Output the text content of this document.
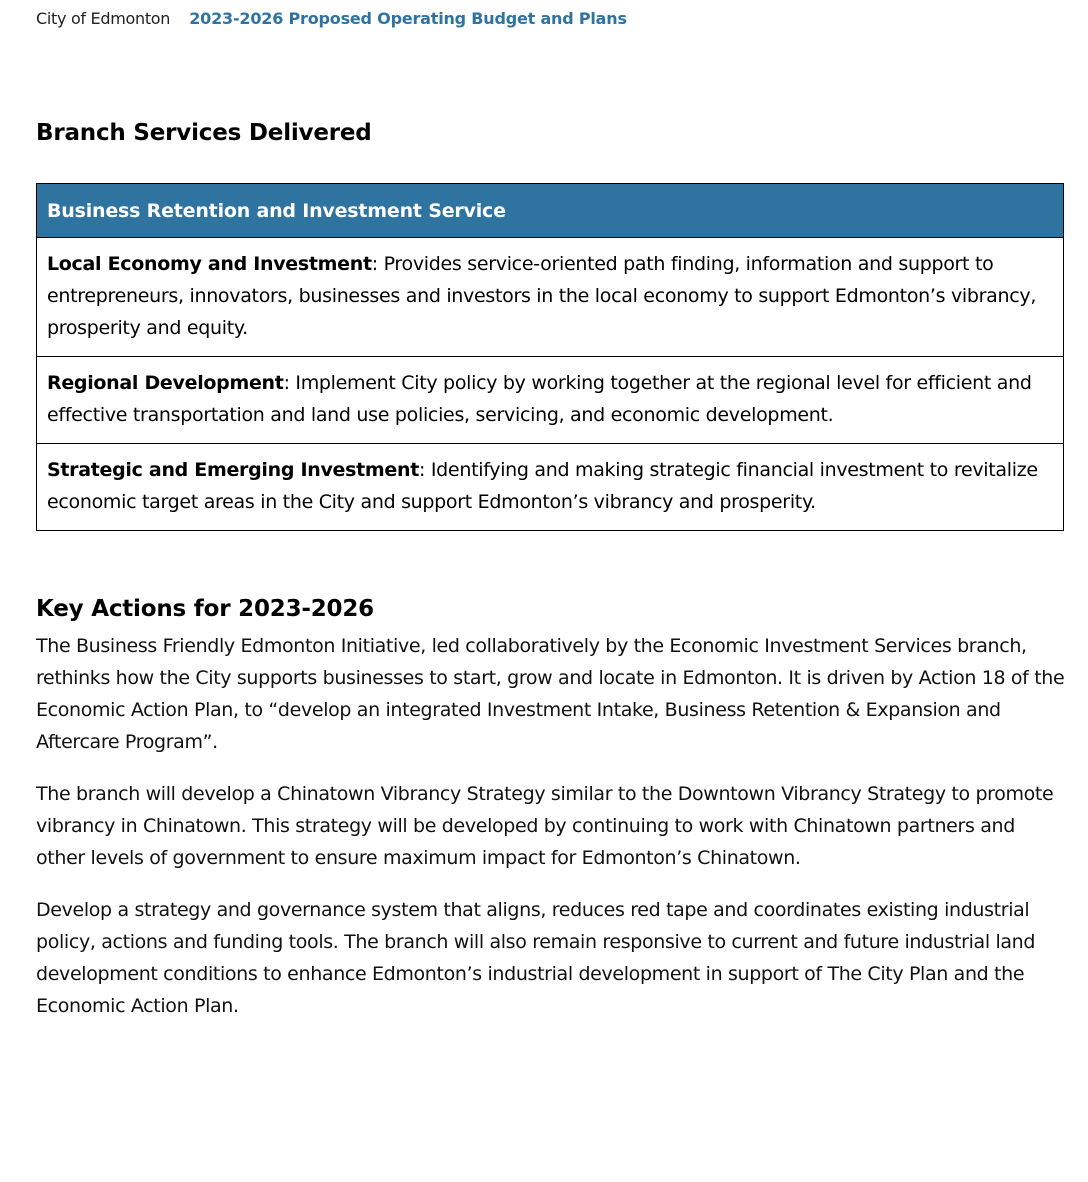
City of Edmonton 2023-2026 Proposed Operating Budget and Plans
Branch Services Delivered
Business Retention and Investment Service
Local Economy and Investment: Provides service-oriented path finding, information and support to entrepreneurs, innovators, businesses and investors in the local economy to support Edmonton’s vibrancy, prosperity and equity.
Regional Development: Implement City policy by working together at the regional level for efficient and effective transportation and land use policies, servicing, and economic development.
Strategic and Emerging Investment: Identifying and making strategic financial investment to revitalize economic target areas in the City and support Edmonton’s vibrancy and prosperity.
Key Actions for 2023-2026

The Business Friendly Edmonton Initiative, led collaboratively by the Economic Investment Services branch, rethinks how the City supports businesses to start, grow and locate in Edmonton. It is driven by Action 18 of the Economic Action Plan, to “develop an integrated Investment Intake, Business Retention & Expansion and Aftercare Program”.

The branch will develop a Chinatown Vibrancy Strategy similar to the Downtown Vibrancy Strategy to promote vibrancy in Chinatown. This strategy will be developed by continuing to work with Chinatown partners and other levels of government to ensure maximum impact for Edmonton’s Chinatown.

Develop a strategy and governance system that aligns, reduces red tape and coordinates existing industrial policy, actions and funding tools. The branch will also remain responsive to current and future industrial land development conditions to enhance Edmonton’s industrial development in support of The City Plan and the Economic Action Plan.
